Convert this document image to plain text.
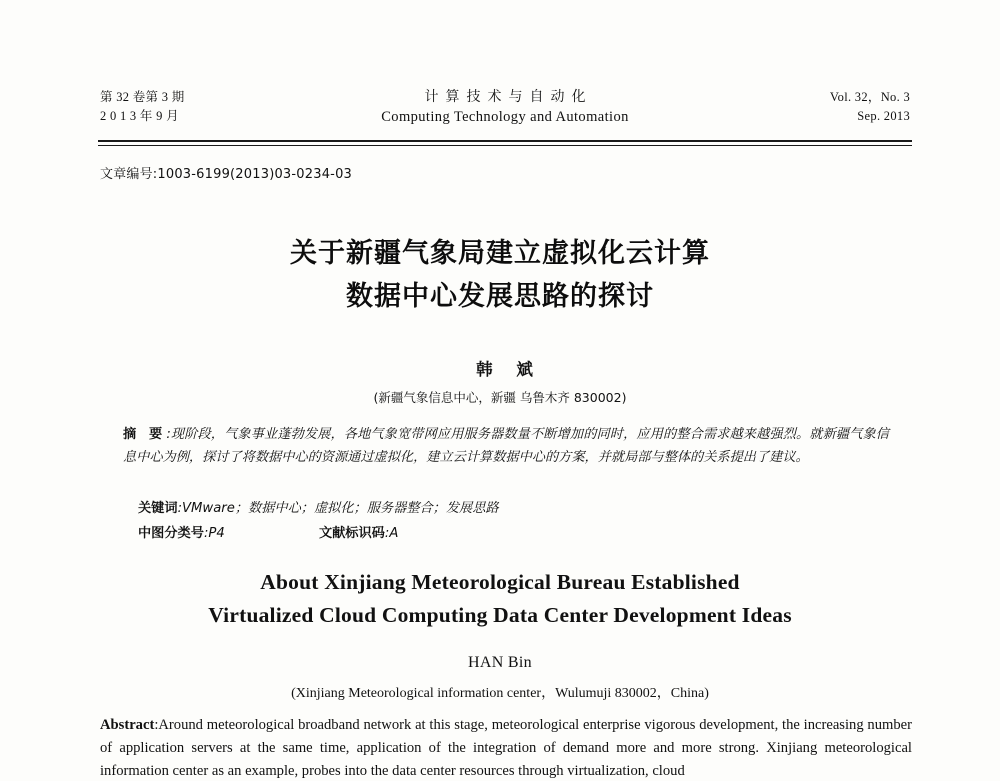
第 32 卷第 3 期
2 0 1 3 年 9 月
计算技术与自动化
Computing Technology and Automation
Vol. 32，No. 3
Sep. 2013
文章编号:1003-6199(2013)03-0234-03
关于新疆气象局建立虚拟化云计算
数据中心发展思路的探讨
韩 斌
(新疆气象信息中心，新疆 乌鲁木齐 830002)
摘 要:现阶段，气象事业蓬勃发展，各地气象宽带网应用服务器数量不断增加的同时，应用的整合需求越来越强烈。就新疆气象信息中心为例，探讨了将数据中心的资源通过虚拟化，建立云计算数据中心的方案，并就局部与整体的关系提出了建议。
关键词:VMware；数据中心；虚拟化；服务器整合；发展思路
中图分类号:P4	文献标识码:A
About Xinjiang Meteorological Bureau Established
Virtualized Cloud Computing Data Center Development Ideas
HAN Bin
(Xinjiang Meteorological information center，Wulumuji 830002，China)
Abstract:Around meteorological broadband network at this stage, meteorological enterprise vigorous development, the increasing number of application servers at the same time, application of the integration of demand more and more strong. Xinjiang meteorological information center as an example, probes into the data center resources through virtualization, cloud
